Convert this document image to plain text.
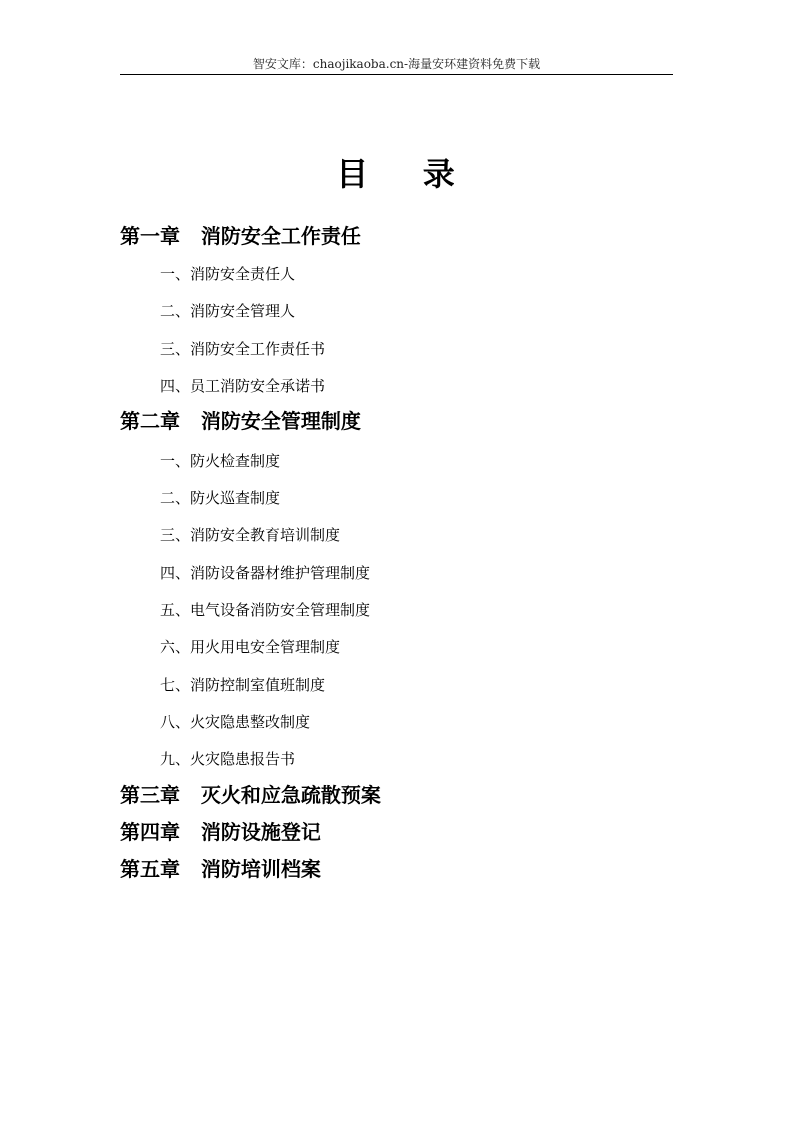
智安文库：chaojikaoba.cn-海量安环建资料免费下载
目    录
第一章   消防安全工作责任
一、消防安全责任人
二、消防安全管理人
三、消防安全工作责任书
四、员工消防安全承诺书
第二章   消防安全管理制度
一、防火检查制度
二、防火巡查制度
三、消防安全教育培训制度
四、消防设备器材维护管理制度
五、电气设备消防安全管理制度
六、用火用电安全管理制度
七、消防控制室值班制度
八、火灾隐患整改制度
九、火灾隐患报告书
第三章   灭火和应急疏散预案
第四章   消防设施登记
第五章   消防培训档案
